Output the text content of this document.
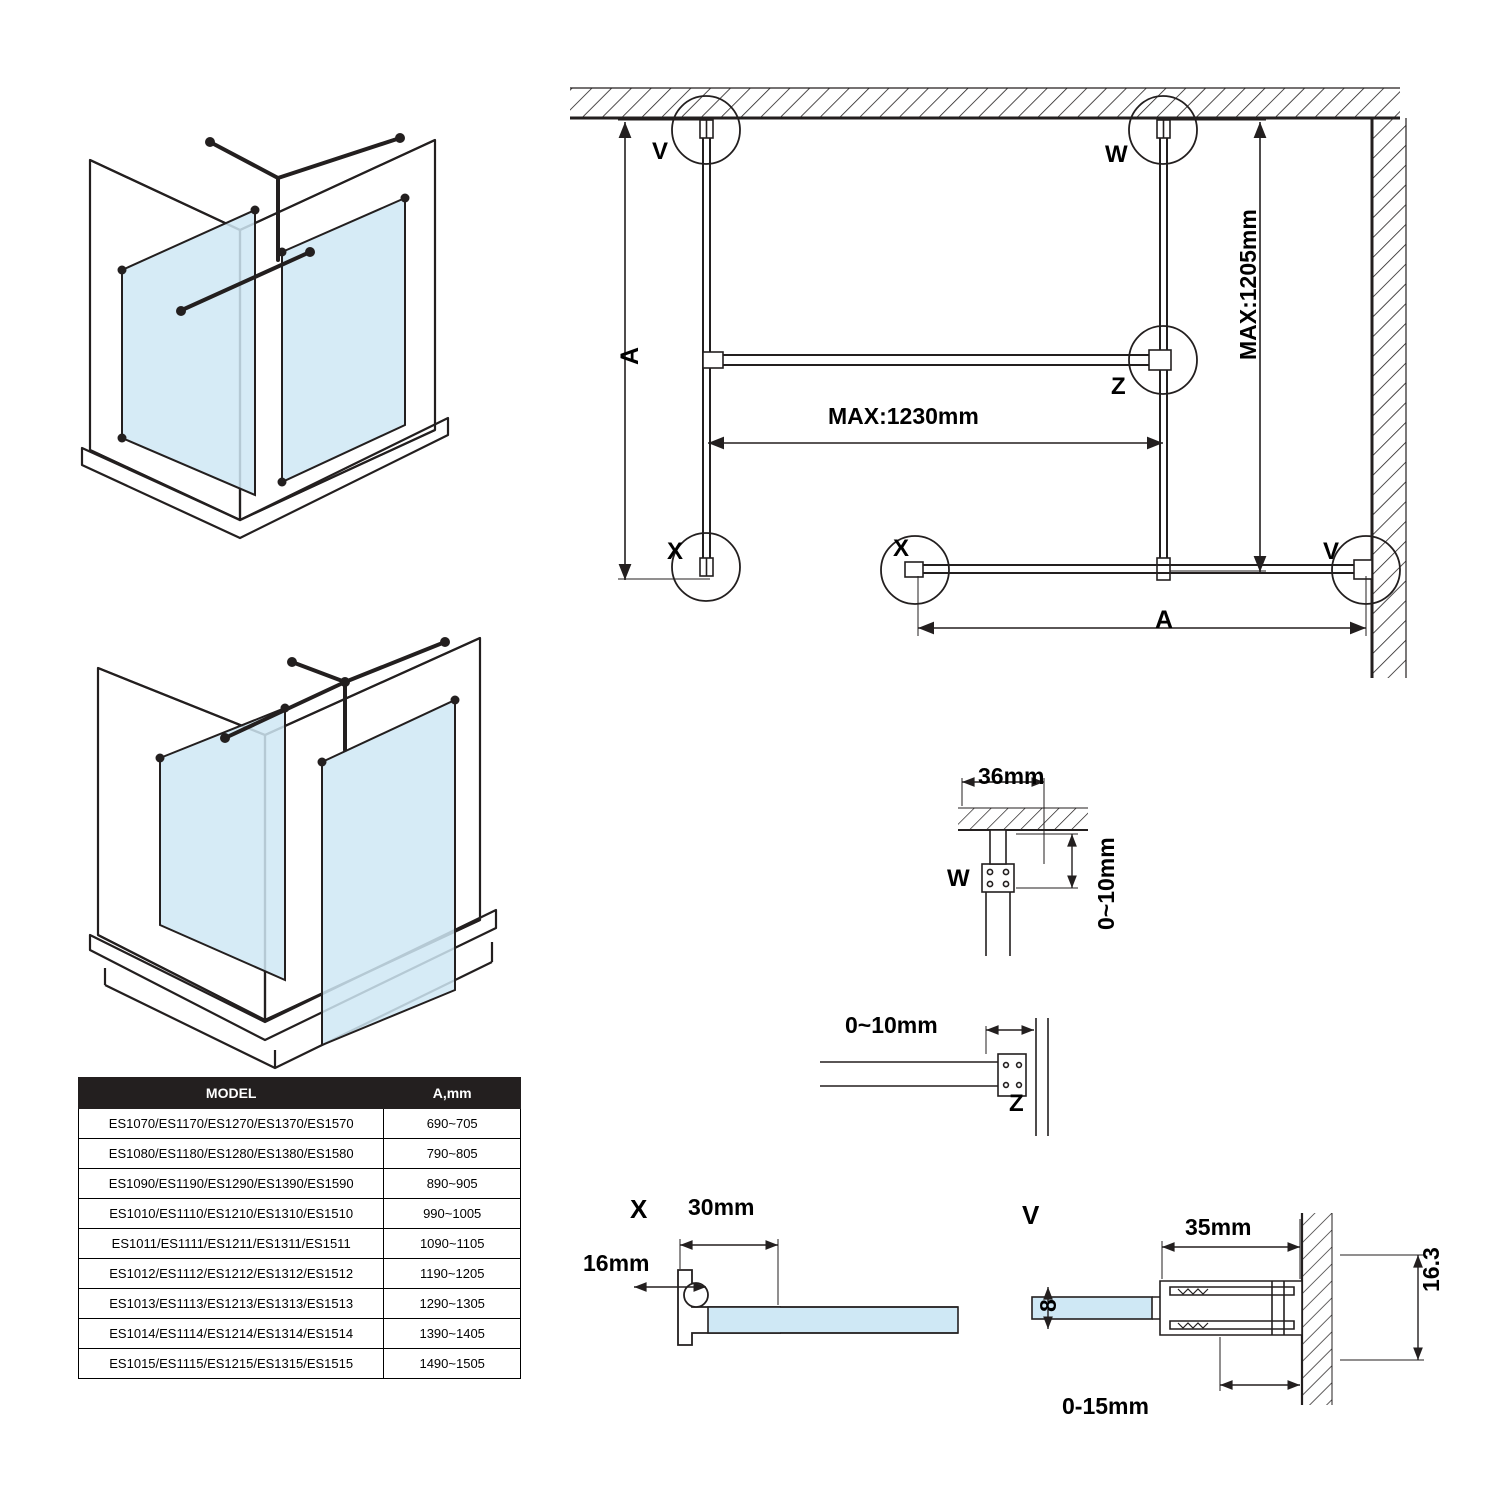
V	W
Z
X	X	V
A
A
MAX:1230mm
MAX:1205mm
W
36mm
0~10mm
Z
0~10mm
X 30mm
16mm
V	35mm
16.3
8
0-15mm
MODEL	A,mm
ES1070/ES1170/ES1270/ES1370/ES1570	690~705
ES1080/ES1180/ES1280/ES1380/ES1580	790~805
ES1090/ES1190/ES1290/ES1390/ES1590	890~905
ES1010/ES1110/ES1210/ES1310/ES1510	990~1005
ES1011/ES1111/ES1211/ES1311/ES1511	1090~1105
ES1012/ES1112/ES1212/ES1312/ES1512	1190~1205
ES1013/ES1113/ES1213/ES1313/ES1513	1290~1305
ES1014/ES1114/ES1214/ES1314/ES1514	1390~1405
ES1015/ES1115/ES1215/ES1315/ES1515	1490~1505
